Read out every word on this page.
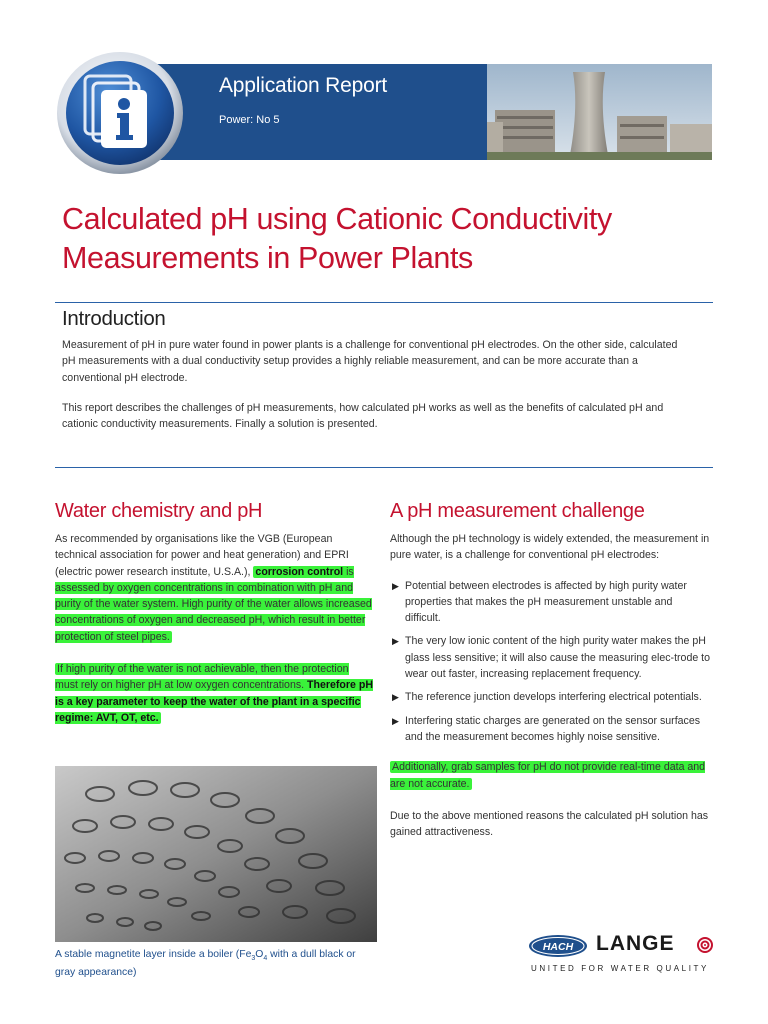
Application Report
Power: No 5
Calculated pH using Cationic Conductivity
Measurements in Power Plants
Introduction
Measurement of pH in pure water found in power plants is a challenge for conventional pH electrodes. On the other side, calculated pH measurements with a dual conductivity setup provides a highly reliable measurement, and can be more accurate than a conventional pH electrode.
This report describes the challenges of pH measurements, how calculated pH works as well as the benefits of calculated pH and cationic conductivity measurements. Finally a solution is presented.
Water chemistry and pH

As recommended by organisations like the VGB (European technical association for power and heat generation) and EPRI (electric power research institute, U.S.A.), corrosion control is assessed by oxygen concentrations in combination with pH and purity of the water system. High purity of the water allows increased concentrations of oxygen and decreased pH, which result in better protection of steel pipes.

If high purity of the water is not achievable, then the protection must rely on higher pH at low oxygen concentrations. Therefore pH is a key parameter to keep the water of the plant in a specific regime: AVT, OT, etc.

A pH measurement challenge

Although the pH technology is widely extended, the measurement in pure water, is a challenge for conventional pH electrodes:

▶ Potential between electrodes is affected by high purity water properties that makes the pH measurement unstable and difficult.
▶ The very low ionic content of the high purity water makes the pH glass less sensitive; it will also cause the measuring elec-trode to wear out faster, increasing replacement frequency.
▶ The reference junction develops interfering electrical potentials.
▶ Interfering static charges are generated on the sensor surfaces and the measurement becomes highly noise sensitive.

Additionally, grab samples for pH do not provide real-time data and are not accurate.

Due to the above mentioned reasons the calculated pH solution has gained attractiveness.

A stable magnetite layer inside a boiler ($Fe_3O_4$ with a dull black or gray appearance)
HACH LANGE
UNITED FOR WATER QUALITY
